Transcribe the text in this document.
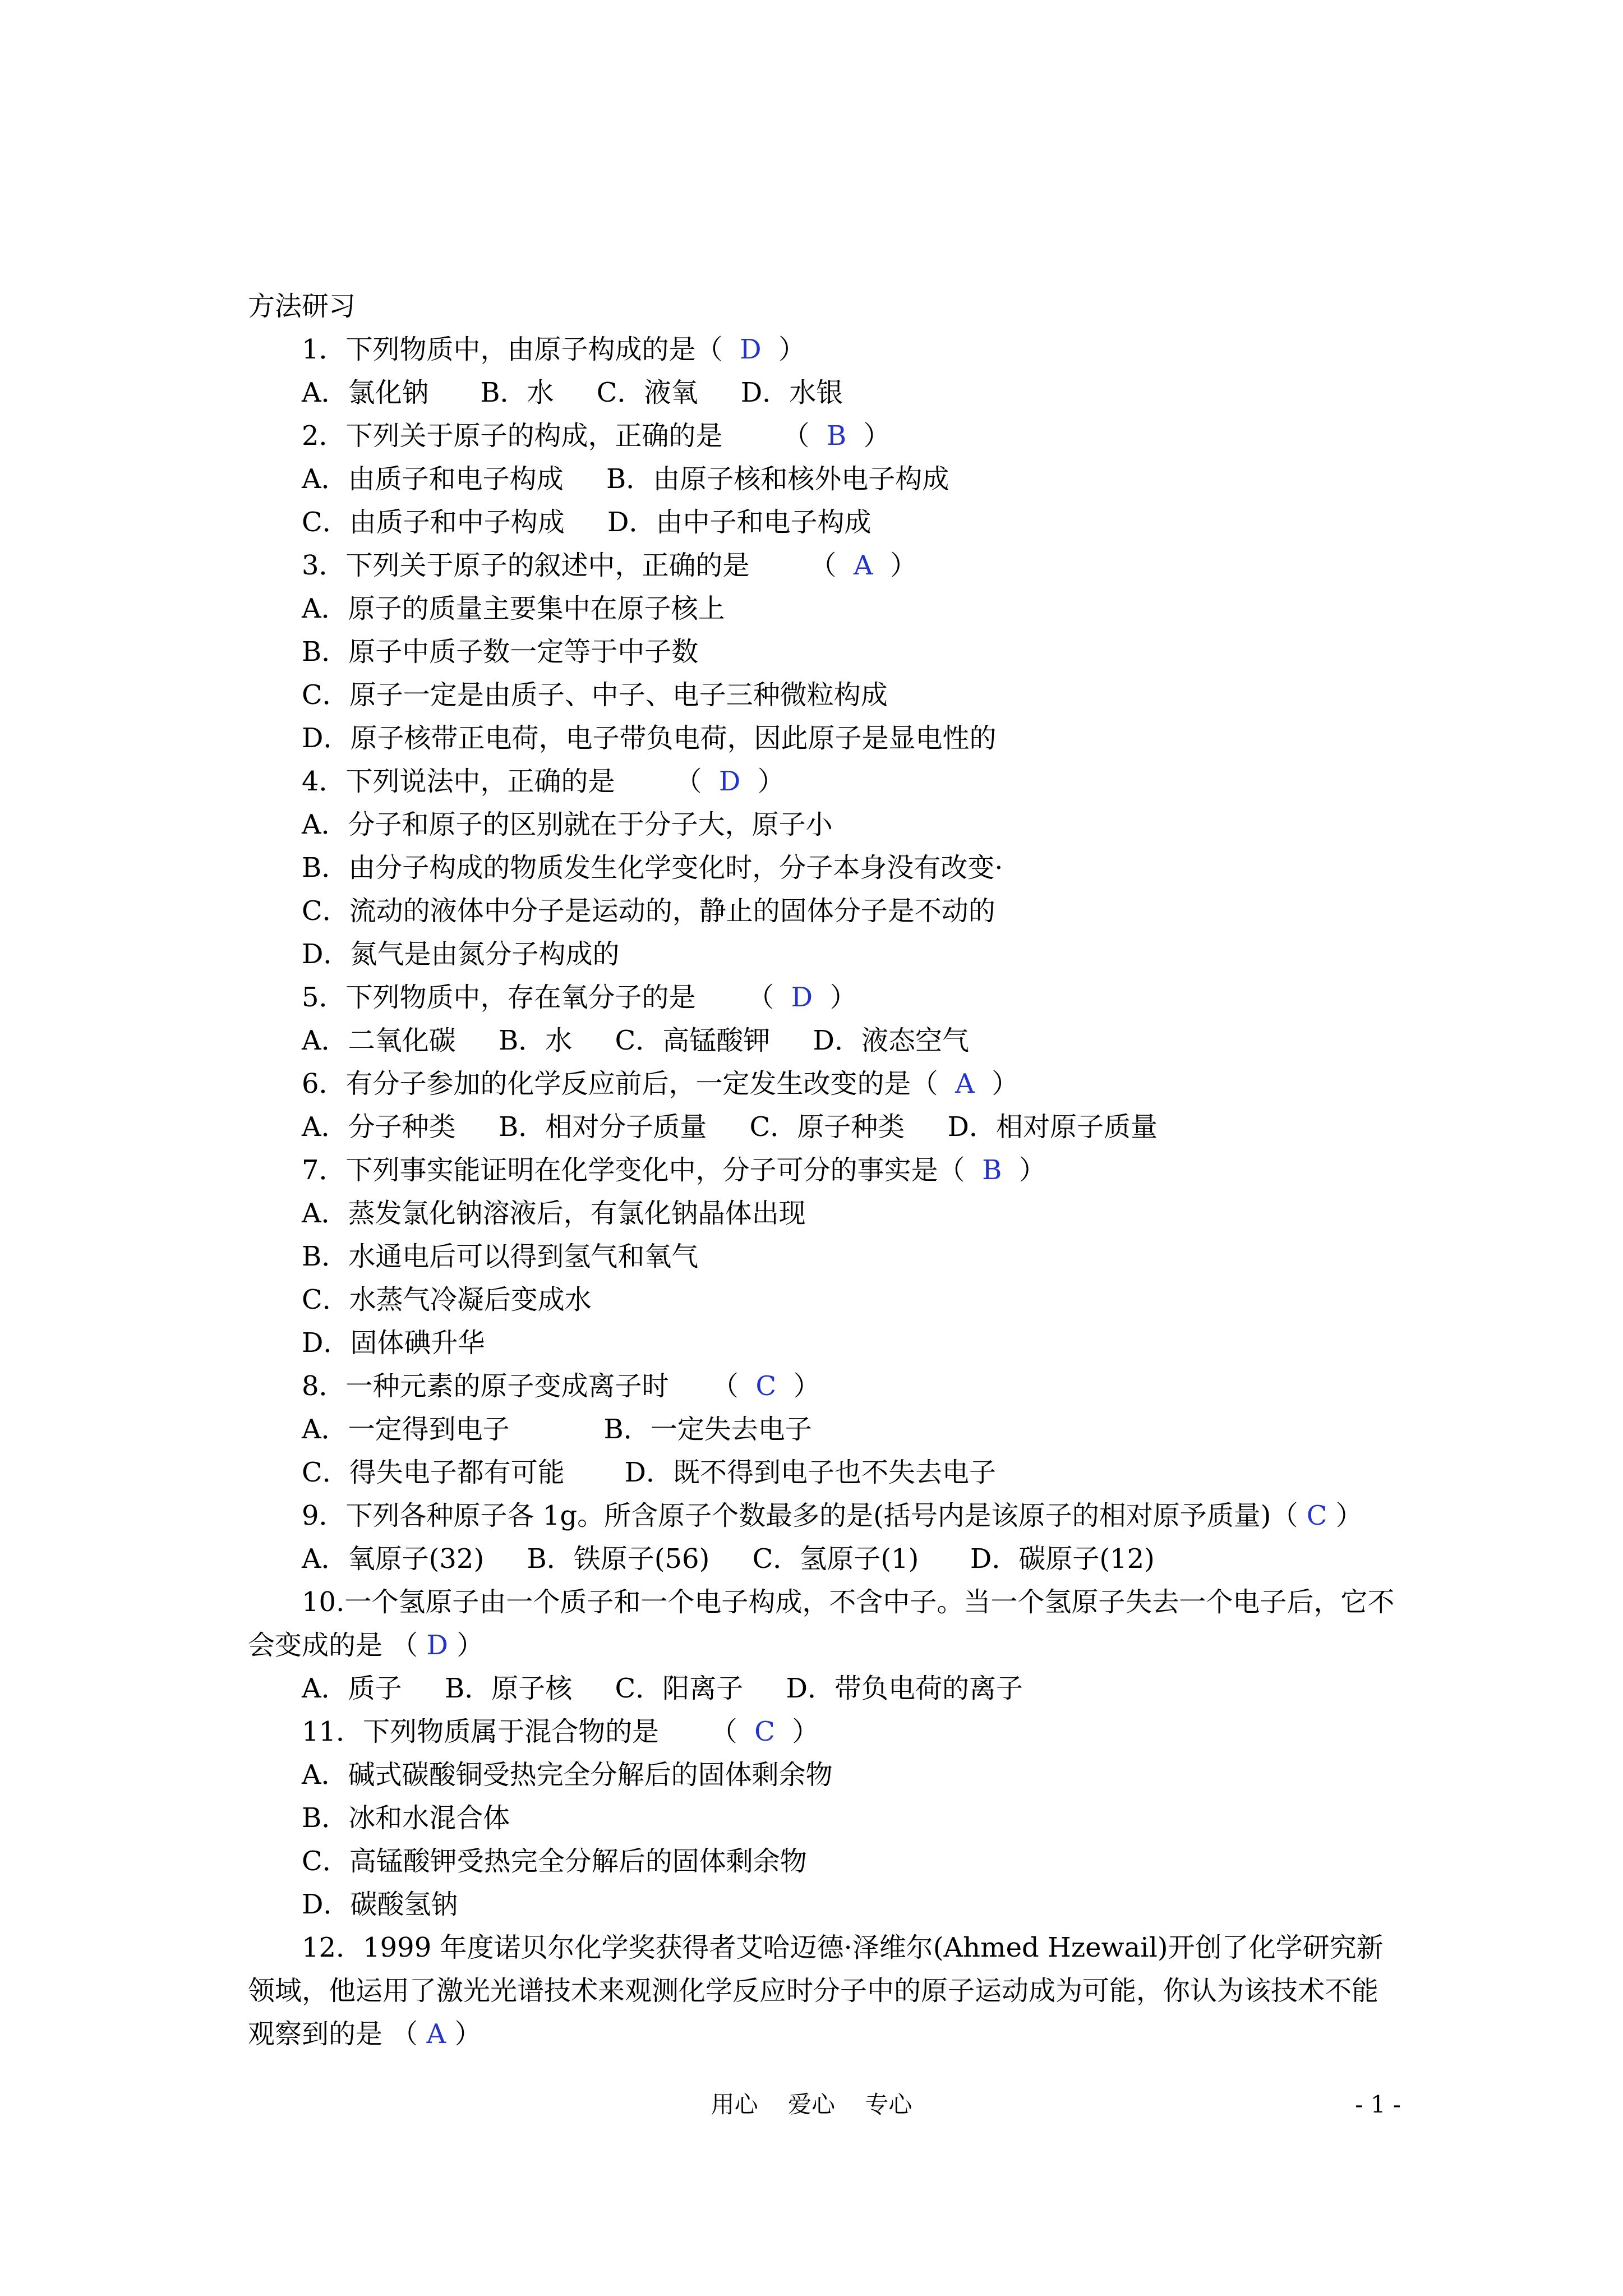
方法研习
1．下列物质中，由原子构成的是（  D  ）
A．氯化钠      B．水     C．液氧     D．水银
2．下列关于原子的构成，正确的是       （  B  ）
A．由质子和电子构成     B．由原子核和核外电子构成
C．由质子和中子构成     D．由中子和电子构成
3．下列关于原子的叙述中，正确的是       （  A  ）
A．原子的质量主要集中在原子核上
B．原子中质子数一定等于中子数
C．原子一定是由质子、中子、电子三种微粒构成
D．原子核带正电荷，电子带负电荷，因此原子是显电性的
4．下列说法中，正确的是       （  D  ）
A．分子和原子的区别就在于分子大，原子小
B．由分子构成的物质发生化学变化时，分子本身没有改变·
C．流动的液体中分子是运动的，静止的固体分子是不动的
D．氮气是由氮分子构成的
5．下列物质中，存在氧分子的是      （  D  ）
A．二氧化碳     B．水     C．高锰酸钾     D．液态空气
6．有分子参加的化学反应前后，一定发生改变的是（  A  ）
A．分子种类     B．相对分子质量     C．原子种类     D．相对原子质量
7．下列事实能证明在化学变化中，分子可分的事实是（  B  ）
A．蒸发氯化钠溶液后，有氯化钠晶体出现
B．水通电后可以得到氢气和氧气
C．水蒸气冷凝后变成水
D．固体碘升华
8．一种元素的原子变成离子时     （  C  ）
A．一定得到电子           B．一定失去电子
C．得失电子都有可能       D．既不得到电子也不失去电子
9．下列各种原子各 1g。所含原子个数最多的是(括号内是该原子的相对原予质量)（ C ）
A．氧原子(32)     B．铁原子(56)     C．氢原子(1)      D．碳原子(12)
10.一个氢原子由一个质子和一个电子构成，不含中子。当一个氢原子失去一个电子后，它不会变成的是 （ D ）
A．质子     B．原子核     C．阳离子     D．带负电荷的离子
11．下列物质属于混合物的是      （  C  ）
A．碱式碳酸铜受热完全分解后的固体剩余物
B．冰和水混合体
C．高锰酸钾受热完全分解后的固体剩余物
D．碳酸氢钠
12．1999 年度诺贝尔化学奖获得者艾哈迈德·泽维尔(Ahmed Hzewail)开创了化学研究新领域，他运用了激光光谱技术来观测化学反应时分子中的原子运动成为可能，你认为该技术不能观察到的是 （ A ）
用心    爱心    专心	- 1 -
